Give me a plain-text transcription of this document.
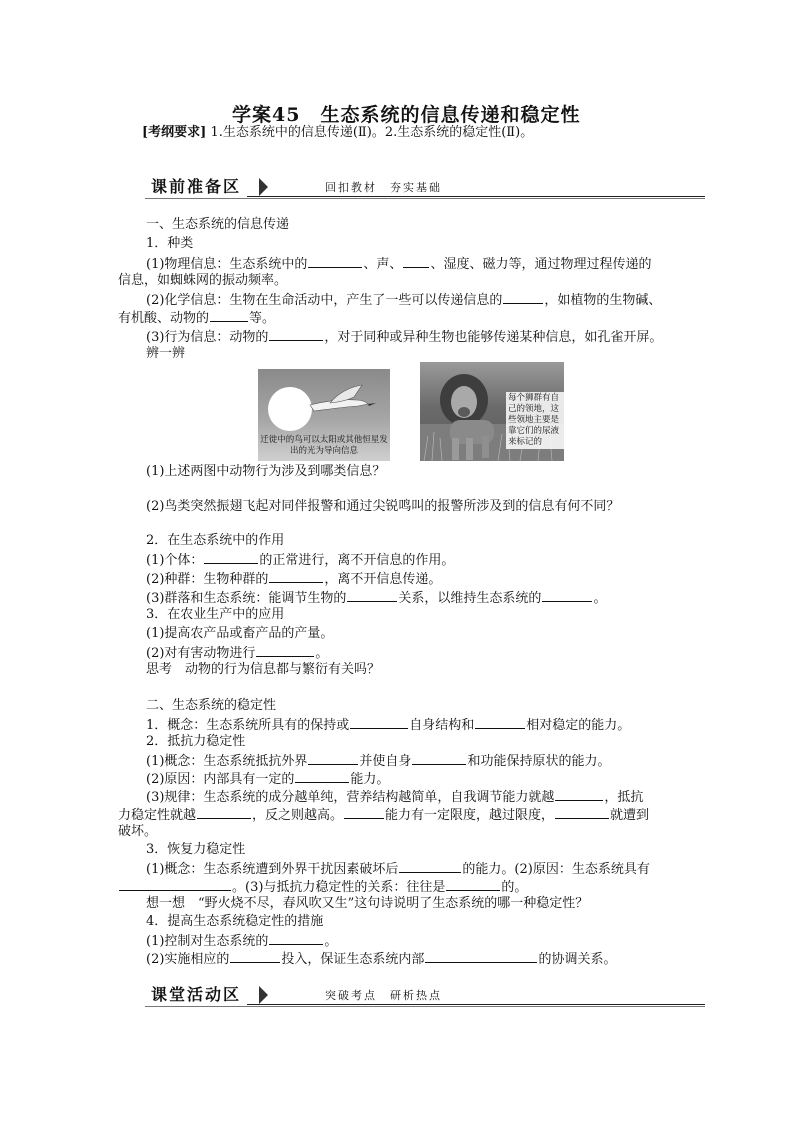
学案45　生态系统的信息传递和稳定性
[考纲要求] 1.生态系统中的信息传递(Ⅱ)。2.生态系统的稳定性(Ⅱ)。
课前准备区	回扣教材　夯实基础
一、生态系统的信息传递
1．种类
(1)物理信息：生态系统中的	、声、 、湿度、磁力等，通过物理过程传递的
信息，如蜘蛛网的振动频率。
(2)化学信息：生物在生命活动中，产生了一些可以传递信息的	，如植物的生物碱、
有机酸、动物的	等。
(3)行为信息：动物的	，对于同种或异种生物也能够传递某种信息，如孔雀开屏。
辨一辨
迁徙中的鸟可以太阳或其他恒星发出的光为导向信息
每个狮群有自己的领地，这些领地主要是靠它们的尿液来标记的
(1)上述两图中动物行为涉及到哪类信息？
(2)鸟类突然振翅飞起对同伴报警和通过尖锐鸣叫的报警所涉及到的信息有何不同？
2．在生态系统中的作用
(1)个体：	的正常进行，离不开信息的作用。
(2)种群：生物种群的	，离不开信息传递。
(3)群落和生态系统：能调节生物的	关系，以维持生态系统的	。
3．在农业生产中的应用
(1)提高农产品或畜产品的产量。
(2)对有害动物进行	。
思考　动物的行为信息都与繁衍有关吗？
二、生态系统的稳定性
1．概念：生态系统所具有的保持或	自身结构和	相对稳定的能力。
2．抵抗力稳定性
(1)概念：生态系统抵抗外界	并使自身	和功能保持原状的能力。
(2)原因：内部具有一定的	能力。
(3)规律：生态系统的成分越单纯，营养结构越简单，自我调节能力就越	，抵抗
力稳定性就越	，反之则越高。	能力有一定限度，越过限度，	就遭到
破坏。
3．恢复力稳定性
(1)概念：生态系统遭到外界干扰因素破坏后	的能力。(2)原因：生态系统具有
。(3)与抵抗力稳定性的关系：往往是	的。
想一想　“野火烧不尽，春风吹又生”这句诗说明了生态系统的哪一种稳定性？
4．提高生态系统稳定性的措施
(1)控制对生态系统的	。
(2)实施相应的	投入，保证生态系统内部	的协调关系。
课堂活动区	突破考点　研析热点
